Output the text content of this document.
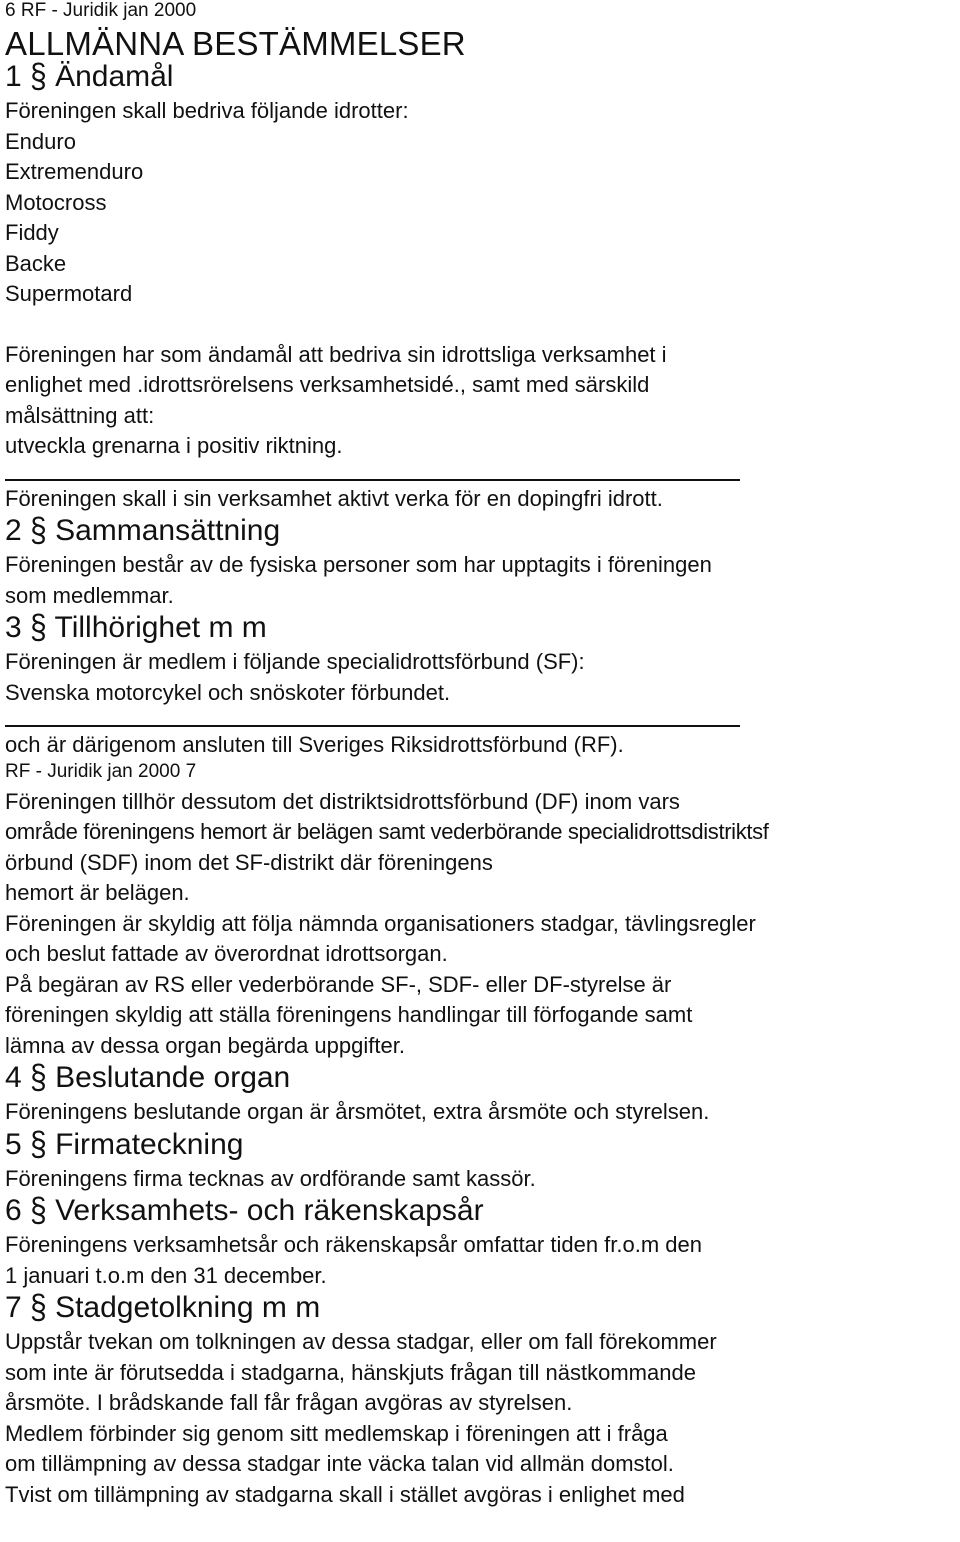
6 RF - Juridik jan 2000
ALLMÄNNA BESTÄMMELSER
1 § Ändamål
Föreningen skall bedriva följande idrotter:
Enduro
Extremenduro
Motocross
Fiddy
Backe
Supermotard
Föreningen har som ändamål att bedriva sin idrottsliga verksamhet i
enlighet med .idrottsrörelsens verksamhetsidé., samt med särskild
målsättning att:
utveckla grenarna i positiv riktning.
Föreningen skall i sin verksamhet aktivt verka för en dopingfri idrott.
2 § Sammansättning
Föreningen består av de fysiska personer som har upptagits i föreningen
som medlemmar.
3 § Tillhörighet m m
Föreningen är medlem i följande specialidrottsförbund (SF):
Svenska motorcykel och snöskoter förbundet.
och är därigenom ansluten till Sveriges Riksidrottsförbund (RF).
RF - Juridik jan 2000 7
Föreningen tillhör dessutom det distriktsidrottsförbund (DF) inom vars
område föreningens hemort är belägen samt vederbörande specialidrottsdistriktsf
örbund (SDF) inom det SF-distrikt där föreningens
hemort är belägen.
Föreningen är skyldig att följa nämnda organisationers stadgar, tävlingsregler
och beslut fattade av överordnat idrottsorgan.
På begäran av RS eller vederbörande SF-, SDF- eller DF-styrelse är
föreningen skyldig att ställa föreningens handlingar till förfogande samt
lämna av dessa organ begärda uppgifter.
4 § Beslutande organ
Föreningens beslutande organ är årsmötet, extra årsmöte och styrelsen.
5 § Firmateckning
Föreningens firma tecknas av ordförande samt kassör.
6 § Verksamhets- och räkenskapsår
Föreningens verksamhetsår och räkenskapsår omfattar tiden fr.o.m den
1 januari t.o.m den 31 december.
7 § Stadgetolkning m m
Uppstår tvekan om tolkningen av dessa stadgar, eller om fall förekommer
som inte är förutsedda i stadgarna, hänskjuts frågan till nästkommande
årsmöte. I brådskande fall får frågan avgöras av styrelsen.
Medlem förbinder sig genom sitt medlemskap i föreningen att i fråga
om tillämpning av dessa stadgar inte väcka talan vid allmän domstol.
Tvist om tillämpning av stadgarna skall i stället avgöras i enlighet med
